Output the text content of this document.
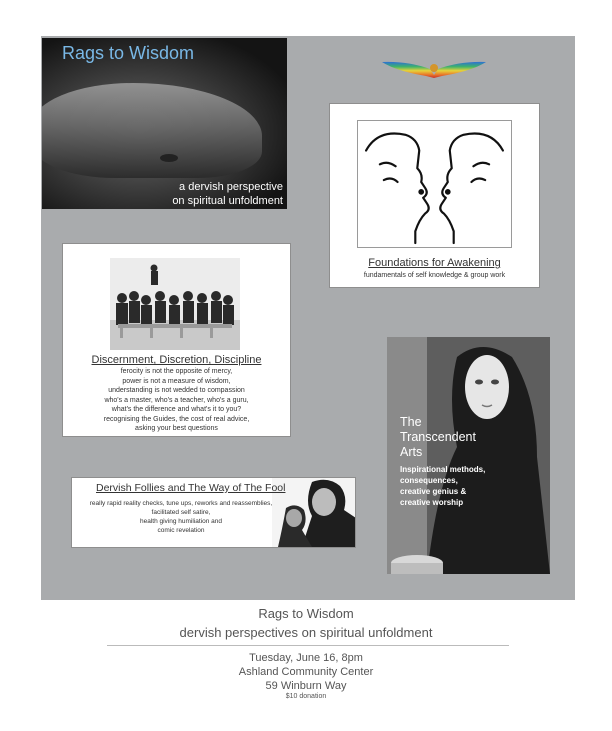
Rags to Wisdom
a dervish perspective
on spiritual unfoldment
Foundations for Awakening
fundamentals of self knowledge & group work
Discernment, Discretion, Discipline
ferocity is not the opposite of mercy,
power is not a measure of wisdom,
understanding is not wedded to compassion
who's a master, who's a teacher, who's a guru,
what's the difference and what's it to you?
recognising the Guides, the cost of real advice,
asking your best questions	The
Transcendent
Arts
Inspirational methods,
consequences,
creative genius &
creative worship
Dervish Follies and The Way of The Fool
really rapid reality checks, tune ups, reworks and reassemblies,
facilitated self satire,
health giving humiliation and
comic revelation
Rags to Wisdom
dervish perspectives on spiritual unfoldment
Tuesday, June 16, 8pm
Ashland Community Center
59 Winburn Way
$10 donation
